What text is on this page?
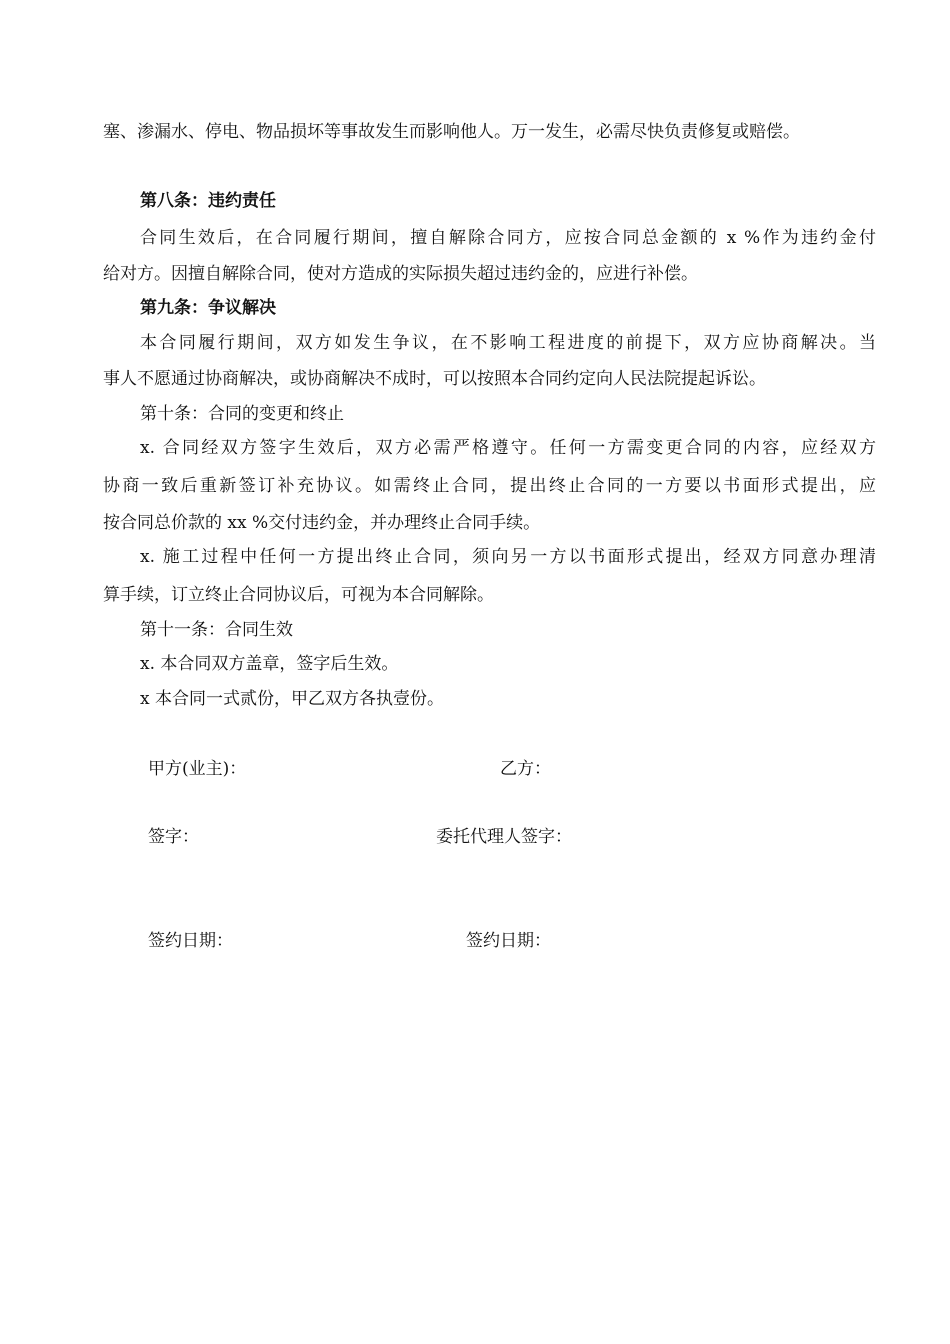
塞、渗漏水、停电、物品损坏等事故发生而影响他人。万一发生，必需尽快负责修复或赔偿。
第八条：违约责任
合同生效后，在合同履行期间，擅自解除合同方，应按合同总金额的 x %作为违约金付
给对方。因擅自解除合同，使对方造成的实际损失超过违约金的，应进行补偿。
第九条：争议解决
本合同履行期间，双方如发生争议，在不影响工程进度的前提下，双方应协商解决。当
事人不愿通过协商解决，或协商解决不成时，可以按照本合同约定向人民法院提起诉讼。
第十条：合同的变更和终止
x. 合同经双方签字生效后，双方必需严格遵守。任何一方需变更合同的内容，应经双方
协商一致后重新签订补充协议。如需终止合同，提出终止合同的一方要以书面形式提出，应
按合同总价款的 xx %交付违约金，并办理终止合同手续。
x. 施工过程中任何一方提出终止合同，须向另一方以书面形式提出，经双方同意办理清
算手续，订立终止合同协议后，可视为本合同解除。
第十一条：合同生效
x. 本合同双方盖章，签字后生效。
x 本合同一式贰份，甲乙双方各执壹份。
甲方(业主)：	乙方：
签字：	委托代理人签字：
签约日期：	签约日期：
